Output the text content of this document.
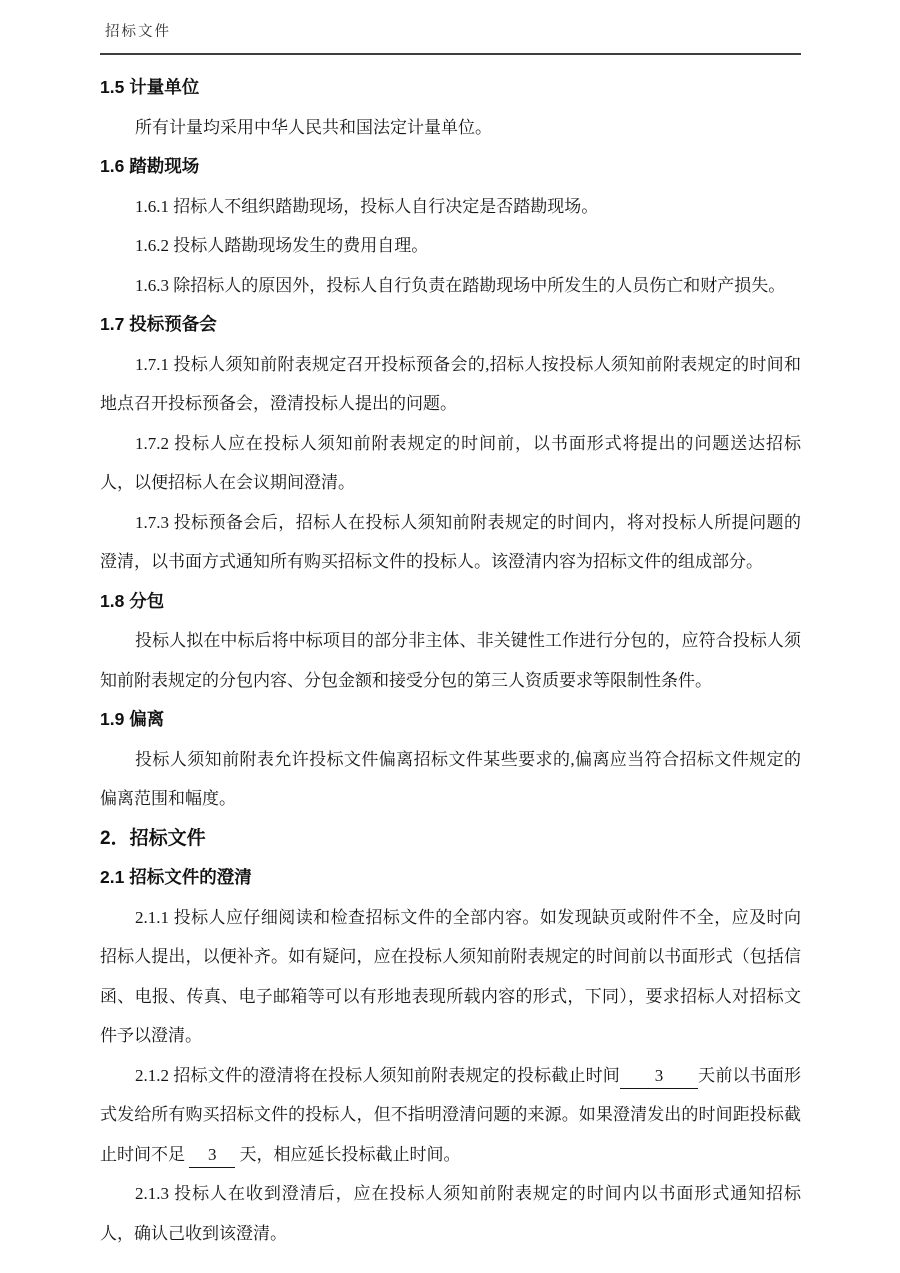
招标文件
1.5 计量单位

所有计量均采用中华人民共和国法定计量单位。

1.6 踏勘现场

1.6.1 招标人不组织踏勘现场，投标人自行决定是否踏勘现场。

1.6.2 投标人踏勘现场发生的费用自理。

1.6.3 除招标人的原因外，投标人自行负责在踏勘现场中所发生的人员伤亡和财产损失。

1.7 投标预备会

1.7.1 投标人须知前附表规定召开投标预备会的,招标人按投标人须知前附表规定的时间和地点召开投标预备会，澄清投标人提出的问题。

1.7.2 投标人应在投标人须知前附表规定的时间前，以书面形式将提出的问题送达招标人，以便招标人在会议期间澄清。

1.7.3 投标预备会后，招标人在投标人须知前附表规定的时间内，将对投标人所提问题的澄清，以书面方式通知所有购买招标文件的投标人。该澄清内容为招标文件的组成部分。

1.8 分包

投标人拟在中标后将中标项目的部分非主体、非关键性工作进行分包的，应符合投标人须知前附表规定的分包内容、分包金额和接受分包的第三人资质要求等限制性条件。

1.9 偏离

投标人须知前附表允许投标文件偏离招标文件某些要求的,偏离应当符合招标文件规定的偏离范围和幅度。

2．招标文件
2.1 招标文件的澄清

2.1.1 投标人应仔细阅读和检查招标文件的全部内容。如发现缺页或附件不全，应及时向招标人提出，以便补齐。如有疑问，应在投标人须知前附表规定的时间前以书面形式（包括信函、电报、传真、电子邮箱等可以有形地表现所载内容的形式，下同），要求招标人对招标文件予以澄清。

2.1.2 招标文件的澄清将在投标人须知前附表规定的投标截止时间 3 天前以书面形式发给所有购买招标文件的投标人，但不指明澄清问题的来源。如果澄清发出的时间距投标截止时间不足 3 天，相应延长投标截止时间。

2.1.3 投标人在收到澄清后，应在投标人须知前附表规定的时间内以书面形式通知招标人，确认己收到该澄清。
